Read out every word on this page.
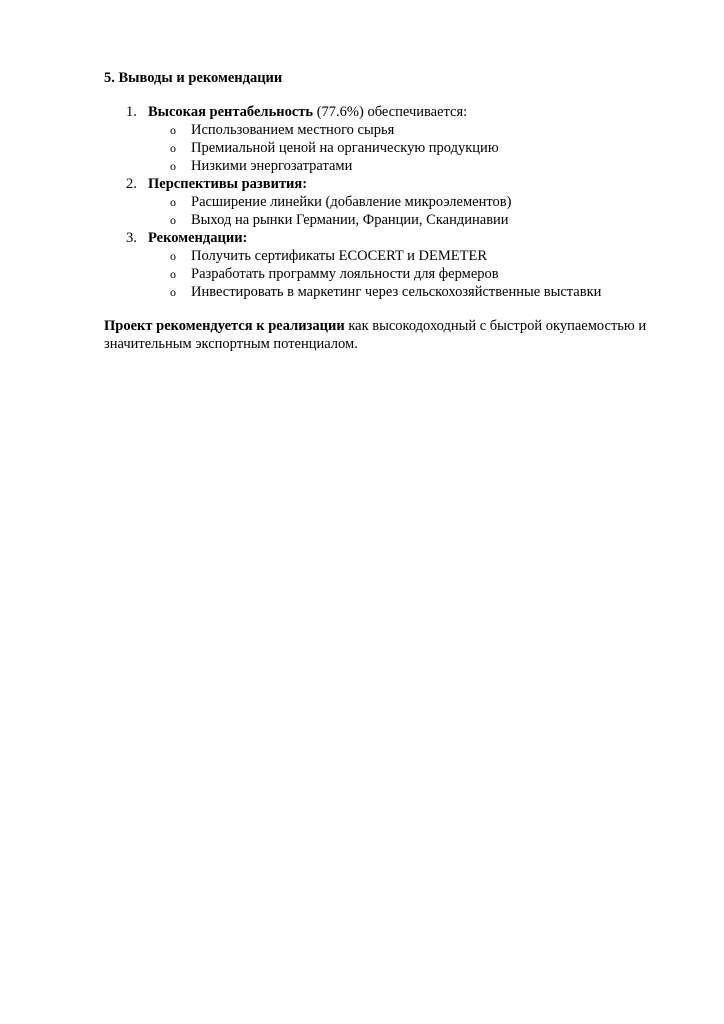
5. Выводы и рекомендации
1. Высокая рентабельность (77.6%) обеспечивается:
o Использованием местного сырья
o Премиальной ценой на органическую продукцию
o Низкими энергозатратами
2. Перспективы развития:
o Расширение линейки (добавление микроэлементов)
o Выход на рынки Германии, Франции, Скандинавии
3. Рекомендации:
o Получить сертификаты ECOCERT и DEMETER
o Разработать программу лояльности для фермеров
o Инвестировать в маркетинг через сельскохозяйственные выставки
Проект рекомендуется к реализации как высокодоходный с быстрой окупаемостью и значительным экспортным потенциалом.
